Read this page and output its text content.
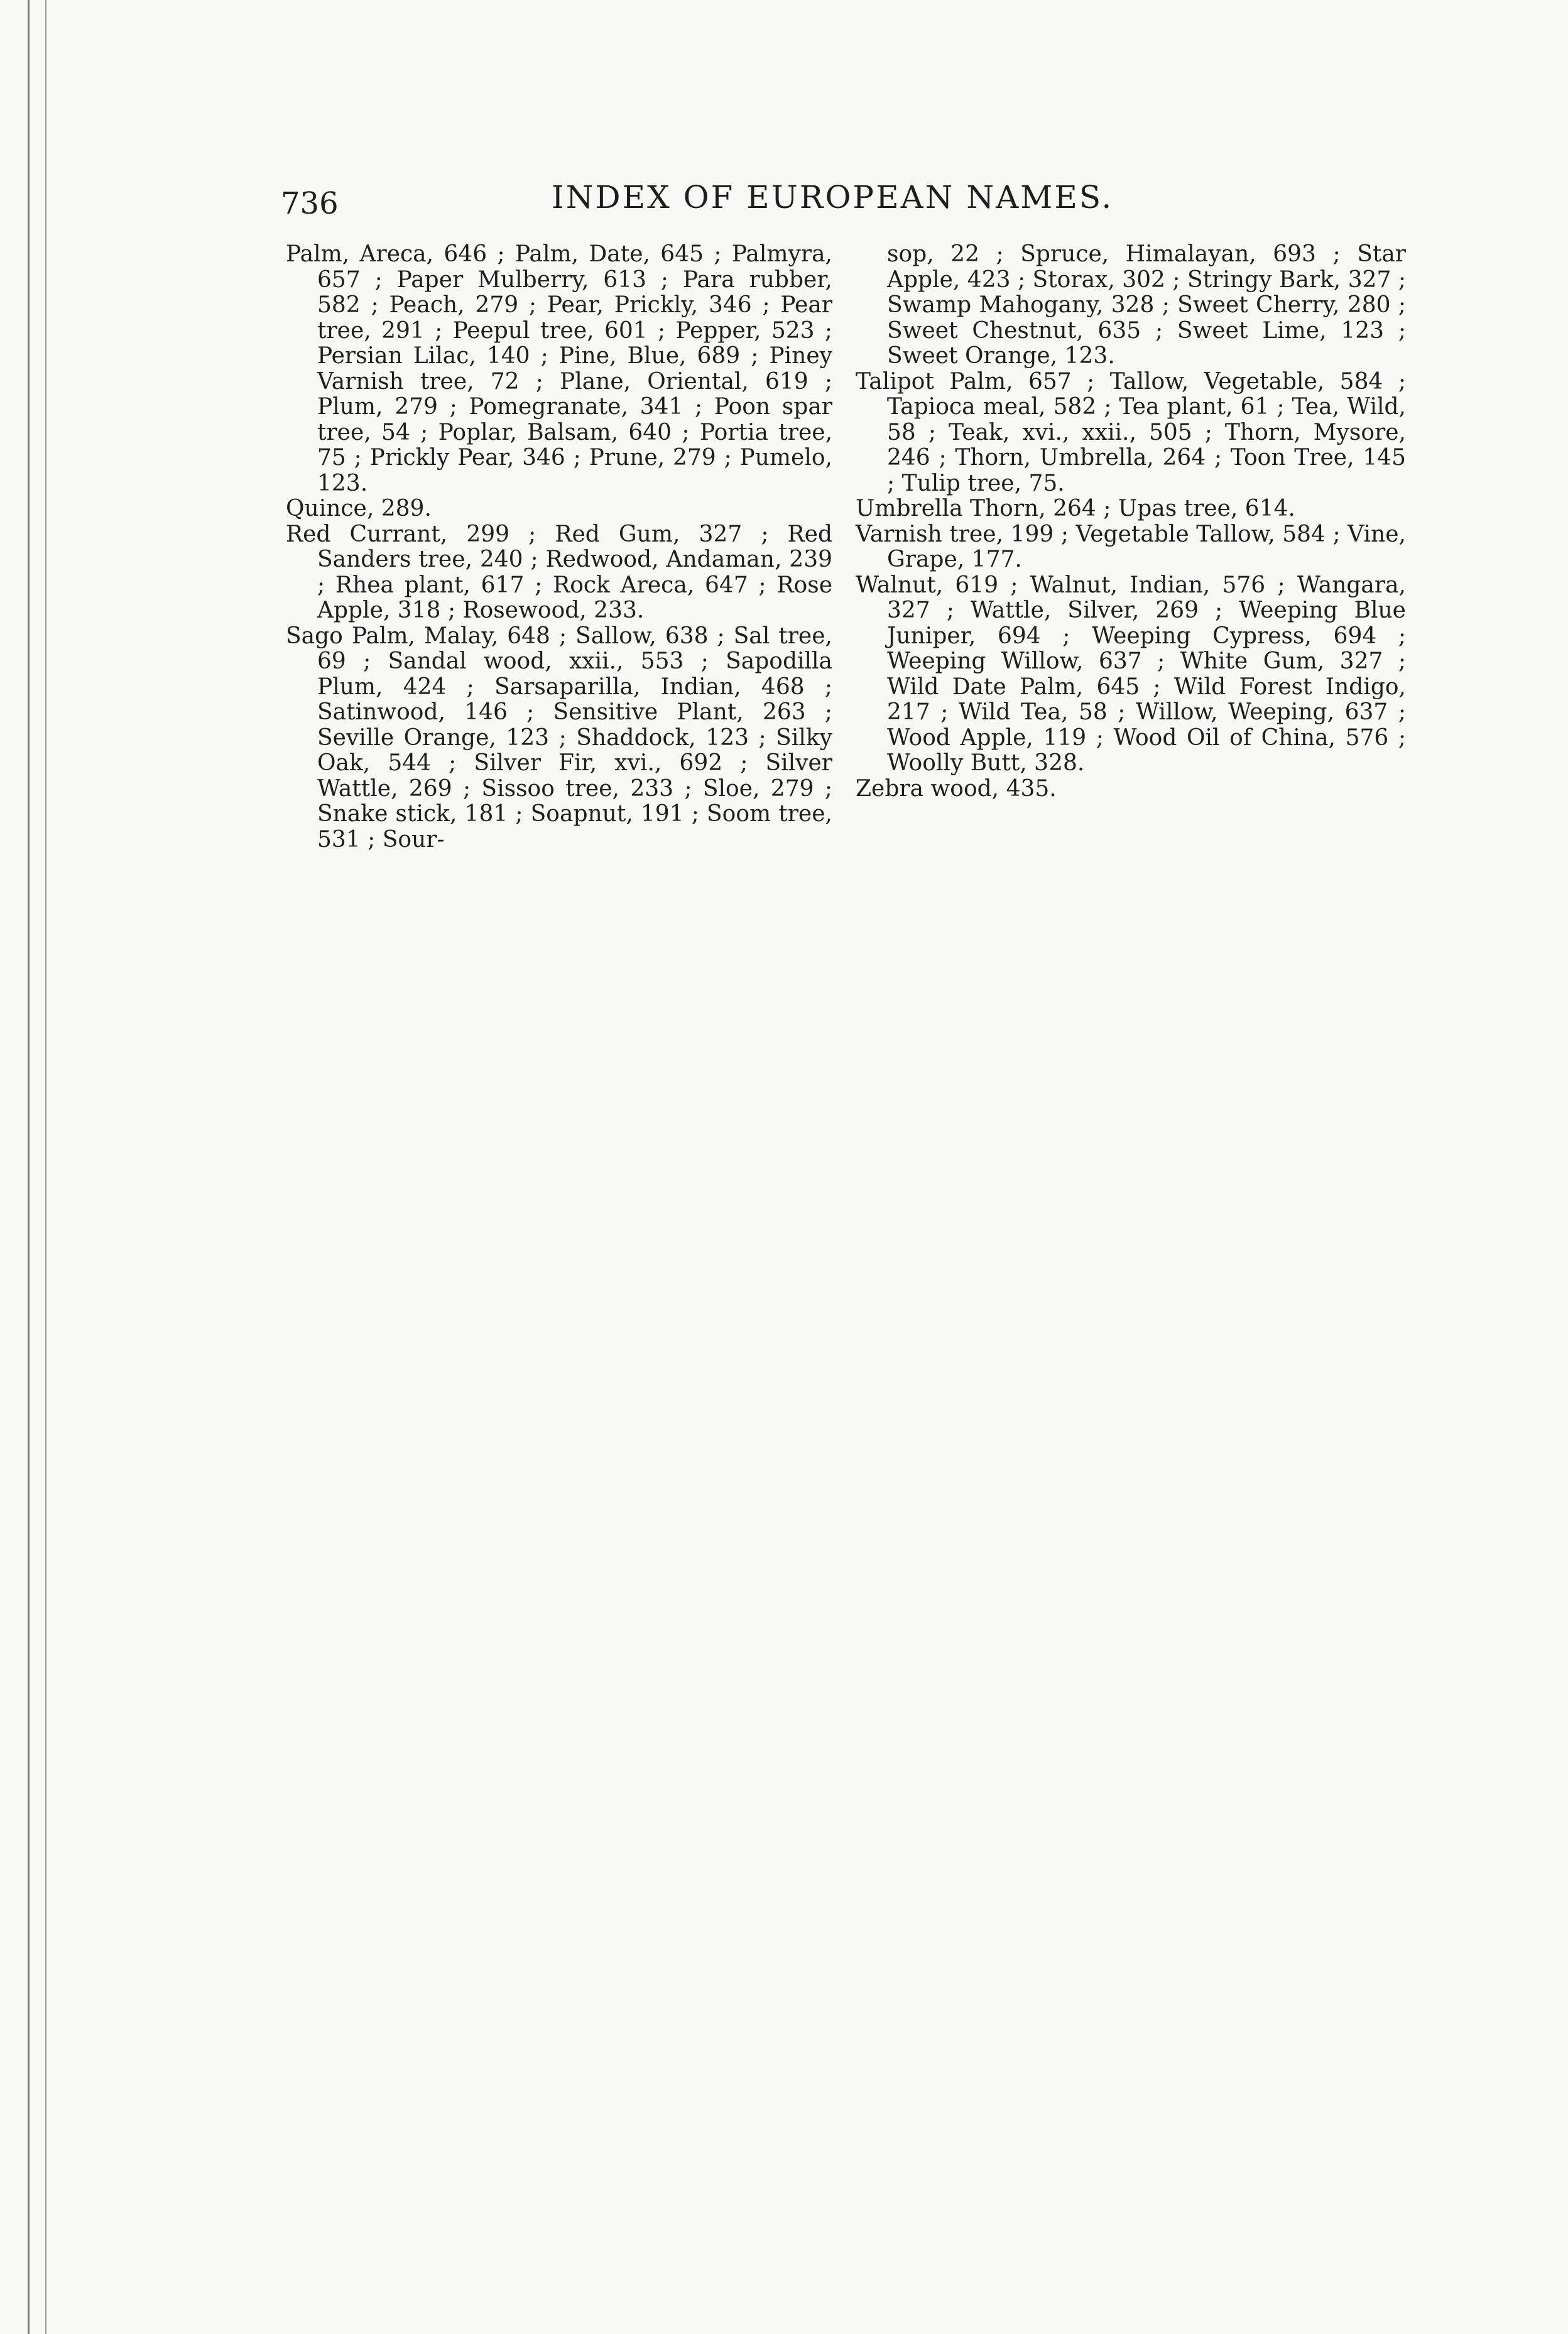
736	INDEX OF EUROPEAN NAMES.

Palm, Areca, 646 ; Palm, Date, 645 ; Palmyra, 657 ; Paper Mulberry, 613 ; Para rubber, 582 ; Peach, 279 ; Pear, Prickly, 346 ; Pear tree, 291 ; Peepul tree, 601 ; Pepper, 523 ; Persian Lilac, 140 ; Pine, Blue, 689 ; Piney Varnish tree, 72 ; Plane, Oriental, 619 ; Plum, 279 ; Pomegranate, 341 ; Poon spar tree, 54 ; Poplar, Balsam, 640 ; Portia tree, 75 ; Prickly Pear, 346 ; Prune, 279 ; Pumelo, 123.

Quince, 289.

Red Currant, 299 ; Red Gum, 327 ; Red Sanders tree, 240 ; Redwood, Andaman, 239 ; Rhea plant, 617 ; Rock Areca, 647 ; Rose Apple, 318 ; Rosewood, 233.

Sago Palm, Malay, 648 ; Sallow, 638 ; Sal tree, 69 ; Sandal wood, xxii., 553 ; Sapodilla Plum, 424 ; Sarsaparilla, Indian, 468 ; Satinwood, 146 ; Sensitive Plant, 263 ; Seville Orange, 123 ; Shaddock, 123 ; Silky Oak, 544 ; Silver Fir, xvi., 692 ; Silver Wattle, 269 ; Sissoo tree, 233 ; Sloe, 279 ; Snake stick, 181 ; Soapnut, 191 ; Soom tree, 531 ; Sour-

sop, 22 ; Spruce, Himalayan, 693 ; Star Apple, 423 ; Storax, 302 ; Stringy Bark, 327 ; Swamp Mahogany, 328 ; Sweet Cherry, 280 ; Sweet Chestnut, 635 ; Sweet Lime, 123 ; Sweet Orange, 123.

Talipot Palm, 657 ; Tallow, Vegetable, 584 ; Tapioca meal, 582 ; Tea plant, 61 ; Tea, Wild, 58 ; Teak, xvi., xxii., 505 ; Thorn, Mysore, 246 ; Thorn, Umbrella, 264 ; Toon Tree, 145 ; Tulip tree, 75.

Umbrella Thorn, 264 ; Upas tree, 614.

Varnish tree, 199 ; Vegetable Tallow, 584 ; Vine, Grape, 177.

Walnut, 619 ; Walnut, Indian, 576 ; Wangara, 327 ; Wattle, Silver, 269 ; Weeping Blue Juniper, 694 ; Weeping Cypress, 694 ; Weeping Willow, 637 ; White Gum, 327 ; Wild Date Palm, 645 ; Wild Forest Indigo, 217 ; Wild Tea, 58 ; Willow, Weeping, 637 ; Wood Apple, 119 ; Wood Oil of China, 576 ; Woolly Butt, 328.

Zebra wood, 435.
